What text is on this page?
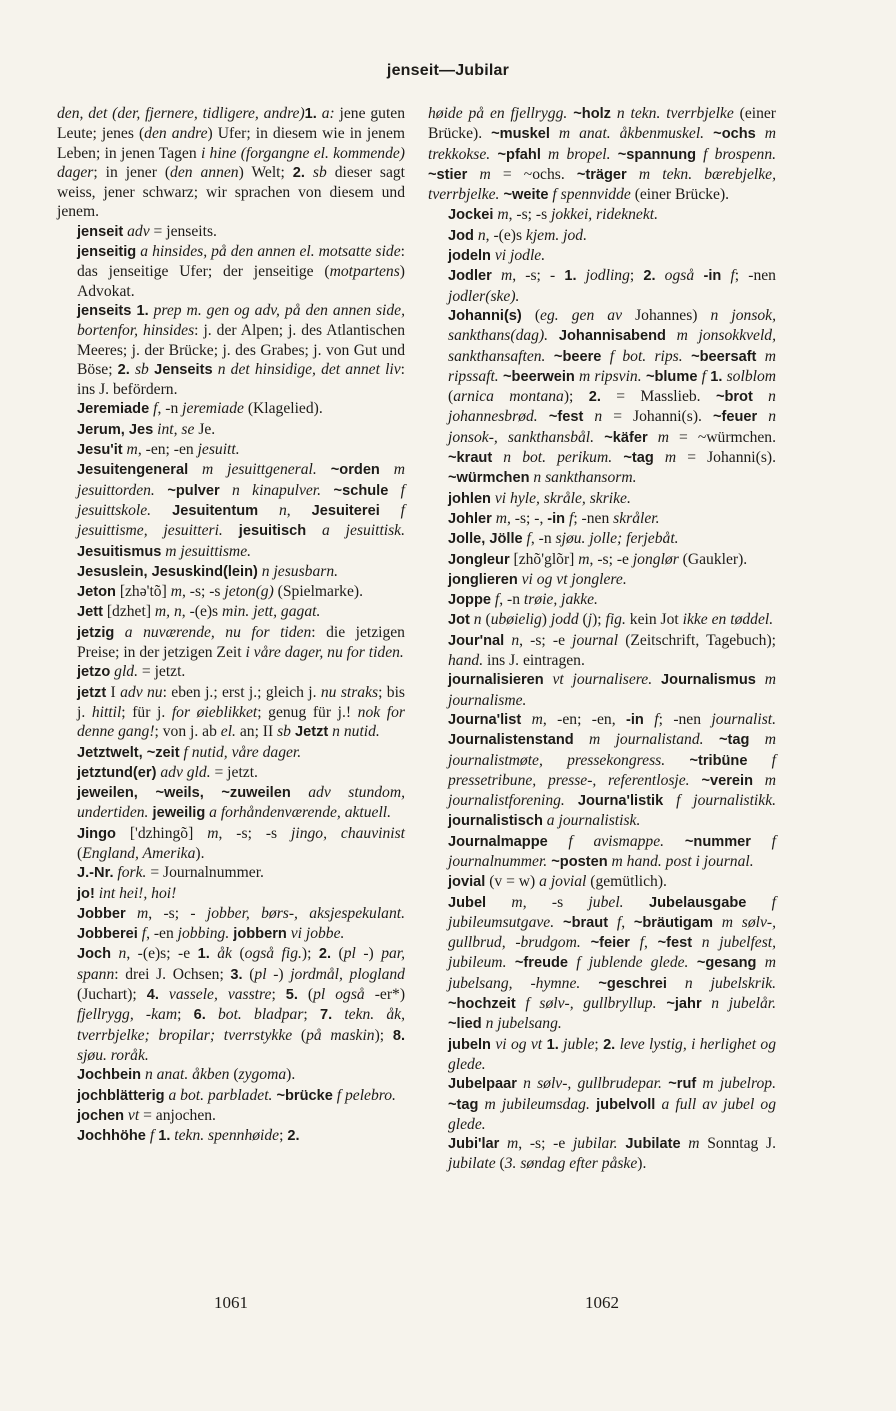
jenseit—Jubilar

den, det (der, fjernere, tidligere, andre)1. a: jene guten Leute; jenes (den andre) Ufer; in diesem wie in jenem Leben; in jenen Tagen i hine (forgangne el. kommende) dager; in jener (den annen) Welt; 2. sb dieser sagt weiss, jener schwarz; wir sprachen von diesem und jenem.

jenseit adv = jenseits.

jenseitig a hinsides, på den annen el. motsatte side: das jenseitige Ufer; der jenseitige (motpartens) Advokat.

jenseits 1. prep m. gen og adv, på den annen side, bortenfor, hinsides: j. der Alpen; j. des Atlantischen Meeres; j. der Brücke; j. des Grabes; j. von Gut und Böse; 2. sb Jenseits n det hinsidige, det annet liv: ins J. befördern.

Jeremiade f, -n jeremiade (Klagelied).

Jerum, Jes int, se Je.

Jesu'it m, -en; -en jesuitt.

Jesuitengeneral m jesuittgeneral. ~orden m jesuittorden. ~pulver n kinapulver. ~schule f jesuittskole. Jesuitentum n, Jesuiterei f jesuittisme, jesuitteri. jesuitisch a jesuittisk. Jesuitismus m jesuittisme.

Jesuslein, Jesuskind(lein) n jesusbarn.

Jeton [zhə'tõ] m, -s; -s jeton(g) (Spielmarke).

Jett [dzhet] m, n, -(e)s min. jett, gagat.

jetzig a nuværende, nu for tiden: die jetzigen Preise; in der jetzigen Zeit i våre dager, nu for tiden.

jetzo gld. = jetzt.

jetzt I adv nu: eben j.; erst j.; gleich j. nu straks; bis j. hittil; für j. for øieblikket; genug für j.! nok for denne gang!; von j. ab el. an; II sb Jetzt n nutid.

Jetztwelt, ~zeit f nutid, våre dager.

jetztund(er) adv gld. = jetzt.

jeweilen, ~weils, ~zuweilen adv stundom, undertiden. jeweilig a forhåndenværende, aktuell.

Jingo ['dzhingõ] m, -s; -s jingo, chauvinist (England, Amerika).

J.-Nr. fork. = Journalnummer.

jo! int hei!, hoi!

Jobber m, -s; - jobber, børs-, aksjespekulant. Jobberei f, -en jobbing. jobbern vi jobbe.

Joch n, -(e)s; -e 1. åk (også fig.); 2. (pl -) par, spann: drei J. Ochsen; 3. (pl -) jordmål, plogland (Juchart); 4. vassele, vasstre; 5. (pl også -er*) fjellrygg, -kam; 6. bot. bladpar; 7. tekn. åk, tverrbjelke; bropilar; tverrstykke (på maskin); 8. sjøu. roråk.

Jochbein n anat. åkben (zygoma).

jochblätterig a bot. parbladet. ~brücke f pelebro.

jochen vt = anjochen.

Jochhöhe f 1. tekn. spennhøide; 2.

høide på en fjellrygg. ~holz n tekn. tverrbjelke (einer Brücke). ~muskel m anat. åkbenmuskel. ~ochs m trekkokse. ~pfahl m bropel. ~spannung f brospenn. ~stier m = ~ochs. ~träger m tekn. bærebjelke, tverrbjelke. ~weite f spennvidde (einer Brücke).

Jockei m, -s; -s jokkei, rideknekt.

Jod n, -(e)s kjem. jod.

jodeln vi jodle.

Jodler m, -s; - 1. jodling; 2. også -in f; -nen jodler(ske).

Johanni(s) (eg. gen av Johannes) n jonsok, sankthans(dag). Johannisabend m jonsokkveld, sankthansaften. ~beere f bot. rips. ~beersaft m ripssaft. ~beerwein m ripsvin. ~blume f 1. solblom (arnica montana); 2. = Masslieb. ~brot n johannesbrød. ~fest n = Johanni(s). ~feuer n jonsok-, sankthansbål. ~käfer m = ~würmchen. ~kraut n bot. perikum. ~tag m = Johanni(s). ~würmchen n sankthansorm.

johlen vi hyle, skråle, skrike.

Johler m, -s; -, -in f; -nen skråler.

Jolle, Jölle f, -n sjøu. jolle; ferjebåt.

Jongleur [zhõ'glõr] m, -s; -e jonglør (Gaukler).

jonglieren vi og vt jonglere.

Joppe f, -n trøie, jakke.

Jot n (ubøielig) jodd (j); fig. kein Jot ikke en tøddel.

Jour'nal n, -s; -e journal (Zeitschrift, Tagebuch); hand. ins J. eintragen.

journalisieren vt journalisere. Journalismus m journalisme.

Journa'list m, -en; -en, -in f; -nen journalist. Journalistenstand m journalistand. ~tag m journalistmøte, pressekongress. ~tribüne f pressetribune, presse-, referentlosje. ~verein m journalistforening. Journa'listik f journalistikk. journalistisch a journalistisk.

Journalmappe f avismappe. ~nummer f journalnummer. ~posten m hand. post i journal.

jovial (v = w) a jovial (gemütlich).

Jubel m, -s jubel. Jubelausgabe f jubileumsutgave. ~braut f, ~bräutigam m sølv-, gullbrud, -brudgom. ~feier f, ~fest n jubelfest, jubileum. ~freude f jublende glede. ~gesang m jubelsang, -hymne. ~geschrei n jubelskrik. ~hochzeit f sølv-, gullbryllup. ~jahr n jubelår. ~lied n jubelsang.

jubeln vi og vt 1. juble; 2. leve lystig, i herlighet og glede.

Jubelpaar n sølv-, gullbrudepar. ~ruf m jubelrop. ~tag m jubileumsdag. jubelvoll a full av jubel og glede.

Jubi'lar m, -s; -e jubilar. Jubilate m Sonntag J. jubilate (3. søndag efter påske).

1061	1062
